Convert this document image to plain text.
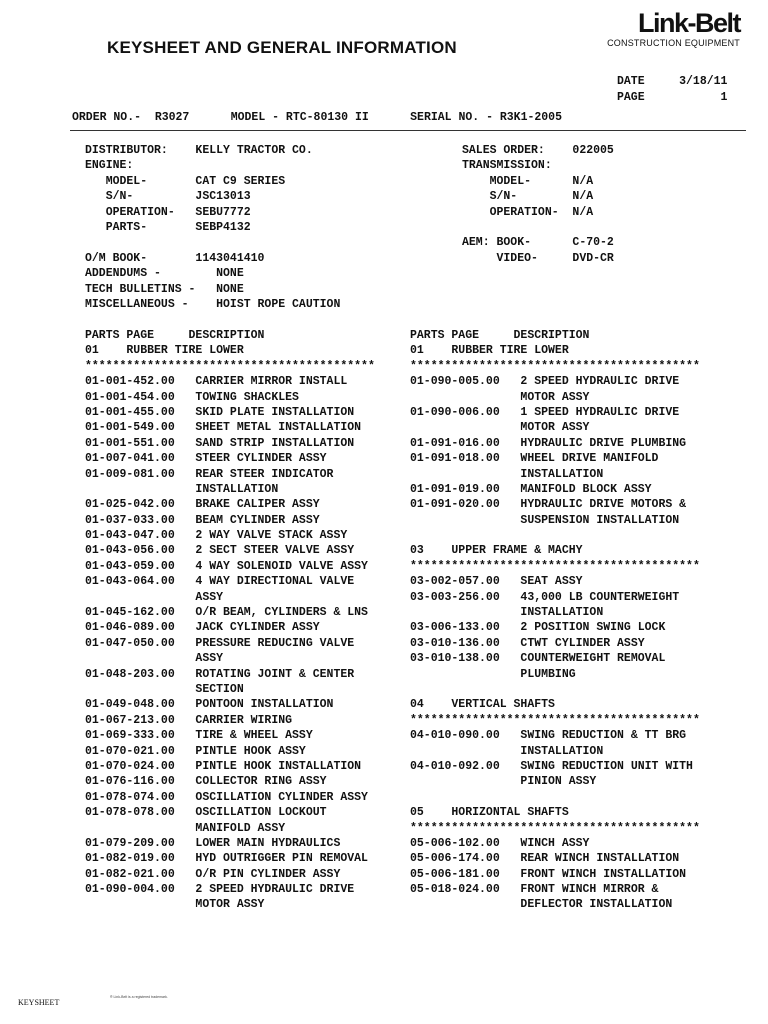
KEYSHEET AND GENERAL INFORMATION
Link-Belt
CONSTRUCTION EQUIPMENT
DATE     3/18/11
PAGE           1
ORDER NO.-  R3027      MODEL - RTC-80130 II      SERIAL NO. - R3K1-2005
DISTRIBUTOR:    KELLY TRACTOR CO.
ENGINE:
MODEL-       CAT C9 SERIES
S/N-         JSC13013
OPERATION-   SEBU7772
PARTS-       SEBP4132
O/M BOOK-       1143041410
ADDENDUMS -        NONE
TECH BULLETINS -   NONE
MISCELLANEOUS -    HOIST ROPE CAUTION
SALES ORDER:    022005
TRANSMISSION:
MODEL-      N/A
S/N-        N/A
OPERATION-  N/A
AEM: BOOK-      C-70-2
VIDEO-     DVD-CR
PARTS PAGE     DESCRIPTION
01    RUBBER TIRE LOWER
******************************************
01-001-452.00   CARRIER MIRROR INSTALL
01-001-454.00   TOWING SHACKLES
01-001-455.00   SKID PLATE INSTALLATION
01-001-549.00   SHEET METAL INSTALLATION
01-001-551.00   SAND STRIP INSTALLATION
01-007-041.00   STEER CYLINDER ASSY
01-009-081.00   REAR STEER INDICATOR
INSTALLATION
01-025-042.00   BRAKE CALIPER ASSY
01-037-033.00   BEAM CYLINDER ASSY
01-043-047.00   2 WAY VALVE STACK ASSY
01-043-056.00   2 SECT STEER VALVE ASSY
01-043-059.00   4 WAY SOLENOID VALVE ASSY
01-043-064.00   4 WAY DIRECTIONAL VALVE
ASSY
01-045-162.00   O/R BEAM, CYLINDERS & LNS
01-046-089.00   JACK CYLINDER ASSY
01-047-050.00   PRESSURE REDUCING VALVE
ASSY
01-048-203.00   ROTATING JOINT & CENTER
SECTION
01-049-048.00   PONTOON INSTALLATION
01-067-213.00   CARRIER WIRING
01-069-333.00   TIRE & WHEEL ASSY
01-070-021.00   PINTLE HOOK ASSY
01-070-024.00   PINTLE HOOK INSTALLATION
01-076-116.00   COLLECTOR RING ASSY
01-078-074.00   OSCILLATION CYLINDER ASSY
01-078-078.00   OSCILLATION LOCKOUT
MANIFOLD ASSY
01-079-209.00   LOWER MAIN HYDRAULICS
01-082-019.00   HYD OUTRIGGER PIN REMOVAL
01-082-021.00   O/R PIN CYLINDER ASSY
01-090-004.00   2 SPEED HYDRAULIC DRIVE
MOTOR ASSY
PARTS PAGE     DESCRIPTION
01    RUBBER TIRE LOWER
******************************************
01-090-005.00   2 SPEED HYDRAULIC DRIVE
MOTOR ASSY
01-090-006.00   1 SPEED HYDRAULIC DRIVE
MOTOR ASSY
01-091-016.00   HYDRAULIC DRIVE PLUMBING
01-091-018.00   WHEEL DRIVE MANIFOLD
INSTALLATION
01-091-019.00   MANIFOLD BLOCK ASSY
01-091-020.00   HYDRAULIC DRIVE MOTORS &
SUSPENSION INSTALLATION
03    UPPER FRAME & MACHY
******************************************
03-002-057.00   SEAT ASSY
03-003-256.00   43,000 LB COUNTERWEIGHT
INSTALLATION
03-006-133.00   2 POSITION SWING LOCK
03-010-136.00   CTWT CYLINDER ASSY
03-010-138.00   COUNTERWEIGHT REMOVAL
PLUMBING
04    VERTICAL SHAFTS
******************************************
04-010-090.00   SWING REDUCTION & TT BRG
INSTALLATION
04-010-092.00   SWING REDUCTION UNIT WITH
PINION ASSY
05    HORIZONTAL SHAFTS
******************************************
05-006-102.00   WINCH ASSY
05-006-174.00   REAR WINCH INSTALLATION
05-006-181.00   FRONT WINCH INSTALLATION
05-018-024.00   FRONT WINCH MIRROR &
DEFLECTOR INSTALLATION
KEYSHEET
® Link-Belt is a registered trademark.
